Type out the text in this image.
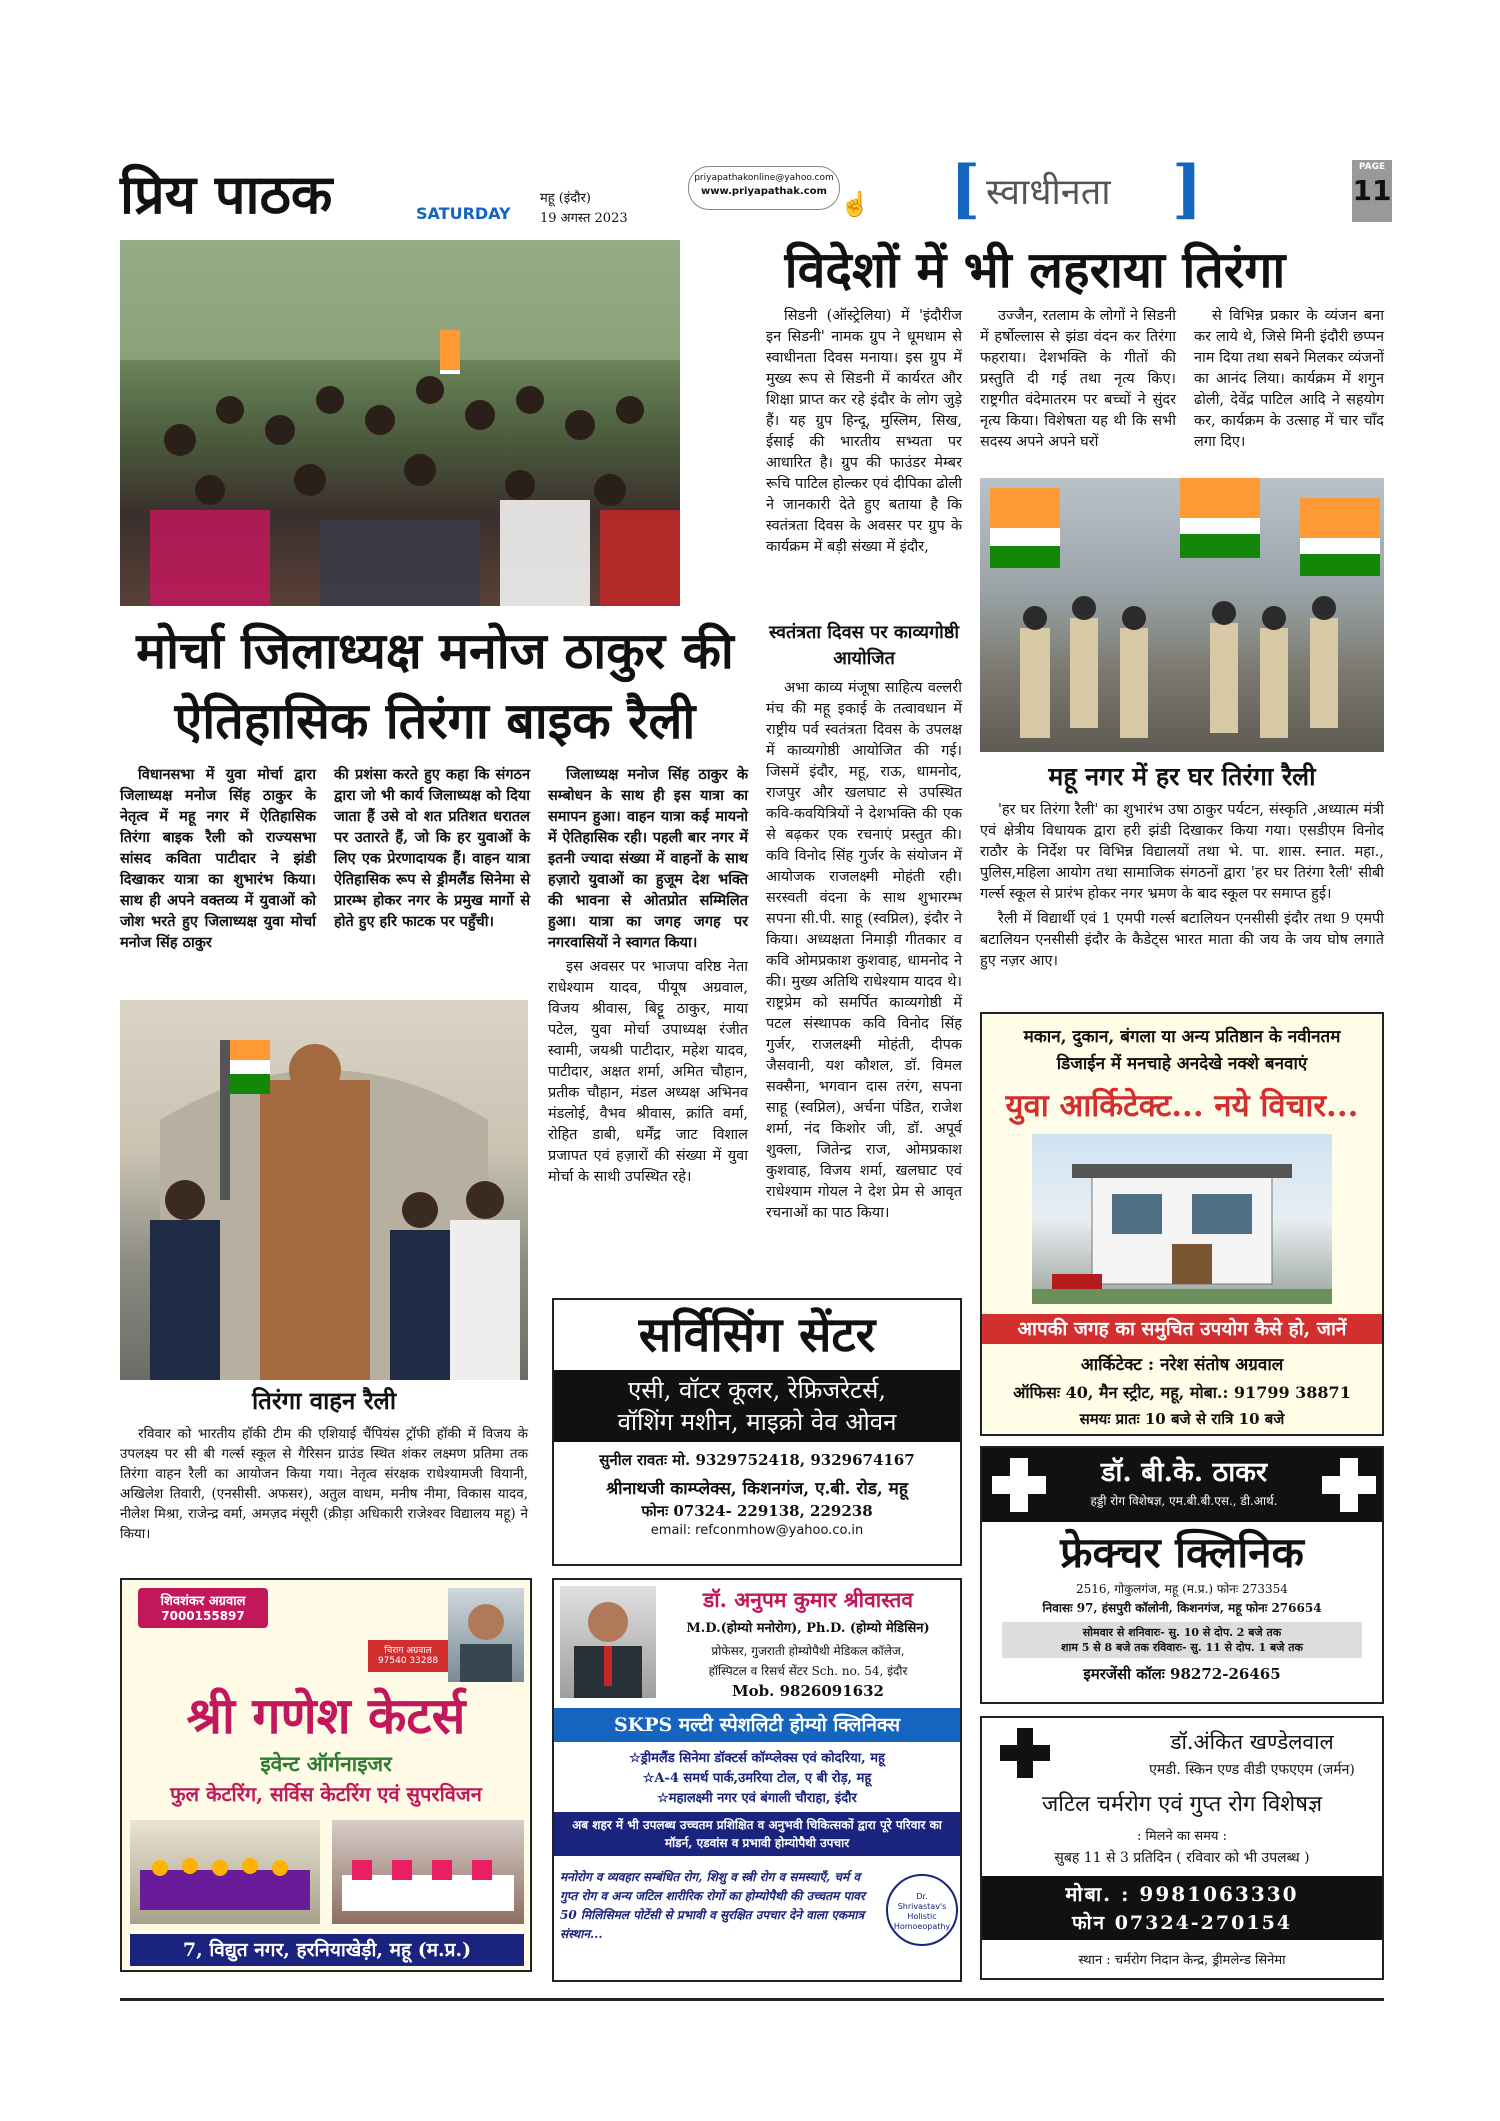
प्रिय पाठक	SATURDAY
महू (इंदौर)
19 अगस्त 2023
priyapathakonline@yahoo.com
www.priyapathak.com ☝ [ स्वाधीनता ]	PAGE
11
विदेशों में भी लहराया तिरंगा

सिडनी (ऑस्ट्रेलिया) में 'इंदौरीज इन सिडनी' नामक ग्रुप ने धूमधाम से स्वाधीनता दिवस मनाया। इस ग्रुप में मुख्य रूप से सिडनी में कार्यरत और शिक्षा प्राप्त कर रहे इंदौर के लोग जुड़े हैं। यह ग्रुप हिन्दू, मुस्लिम, सिख, ईसाई की भारतीय सभ्यता पर आधारित है। ग्रुप की फाउंडर मेम्बर रूचि पाटिल होल्कर एवं दीपिका ढोली ने जानकारी देते हुए बताया है कि स्वतंत्रता दिवस के अवसर पर ग्रुप के कार्यक्रम में बड़ी संख्या में इंदौर,

उज्जैन, रतलाम के लोगों ने सिडनी में हर्षोल्लास से झंडा वंदन कर तिरंगा फहराया। देशभक्ति के गीतों की प्रस्तुति दी गई तथा नृत्य किए। राष्ट्रगीत वंदेमातरम पर बच्चों ने सुंदर नृत्य किया। विशेषता यह थी कि सभी सदस्य अपने अपने घरों

से विभिन्न प्रकार के व्यंजन बना कर लाये थे, जिसे मिनी इंदौरी छप्पन नाम दिया तथा सबने मिलकर व्यंजनों का आनंद लिया। कार्यक्रम में शगुन ढोली, देवेंद्र पाटिल आदि ने सहयोग कर, कार्यक्रम के उत्साह में चार चाँद लगा दिए।

स्वतंत्रता दिवस पर काव्यगोष्ठी आयोजित

अभा काव्य मंजूषा साहित्य वल्लरी मंच की महू इकाई के तत्वावधान में राष्ट्रीय पर्व स्वतंत्रता दिवस के उपलक्ष में काव्यगोष्ठी आयोजित की गई। जिसमें इंदौर, महू, राऊ, धामनोद, राजपुर और खलघाट से उपस्थित कवि-कवयित्रियों ने देशभक्ति की एक से बढ़कर एक रचनाएं प्रस्तुत की। कवि विनोद सिंह गुर्जर के संयोजन में आयोजक राजलक्ष्मी मोहंती रही। सरस्वती वंदना के साथ शुभारम्भ सपना सी.पी. साहू (स्वप्निल), इंदौर ने किया। अध्यक्षता निमाड़ी गीतकार व कवि ओमप्रकाश कुशवाह, धामनोद ने की। मुख्य अतिथि राधेश्याम यादव थे। राष्ट्रप्रेम को समर्पित काव्यगोष्ठी में पटल संस्थापक कवि विनोद सिंह गुर्जर, राजलक्ष्मी मोहंती, दीपक जैसवानी, यश कौशल, डॉ. विमल सक्सैना, भगवान दास तरंग, सपना साहू (स्वप्निल), अर्चना पंडित, राजेश शर्मा, नंद किशोर जी, डॉ. अपूर्व शुक्ला, जितेन्द्र राज, ओमप्रकाश कुशवाह, विजय शर्मा, खलघाट एवं राधेश्याम गोयल ने देश प्रेम से आवृत रचनाओं का पाठ किया।

महू नगर में हर घर तिरंगा रैली

'हर घर तिरंगा रैली' का शुभारंभ उषा ठाकुर पर्यटन, संस्कृति ,अध्यात्म मंत्री एवं क्षेत्रीय विधायक द्वारा हरी झंडी दिखाकर किया गया। एसडीएम विनोद राठौर के निर्देश पर विभिन्न विद्यालयों तथा भे. पा. शास. स्नात. महा., पुलिस,महिला आयोग तथा सामाजिक संगठनों द्वारा 'हर घर तिरंगा रैली' सीबी गर्ल्स स्कूल से प्रारंभ होकर नगर भ्रमण के बाद स्कूल पर समाप्त हुई।

रैली में विद्यार्थी एवं 1 एमपी गर्ल्स बटालियन एनसीसी इंदौर तथा 9 एमपी बटालियन एनसीसी इंदौर के कैडेट्स भारत माता की जय के जय घोष लगाते हुए नज़र आए।

मोर्चा जिलाध्यक्ष मनोज ठाकुर की
ऐतिहासिक तिरंगा बाइक रैली

विधानसभा में युवा मोर्चा द्वारा जिलाध्यक्ष मनोज सिंह ठाकुर के नेतृत्व में महू नगर में ऐतिहासिक तिरंगा बाइक रैली को राज्यसभा सांसद कविता पाटीदार ने झंडी दिखाकर यात्रा का शुभारंभ किया। साथ ही अपने वक्तव्य में युवाओं को जोश भरते हुए जिलाध्यक्ष युवा मोर्चा मनोज सिंह ठाकुर

की प्रशंसा करते हुए कहा कि संगठन द्वारा जो भी कार्य जिलाध्यक्ष को दिया जाता हैं उसे वो शत प्रतिशत धरातल पर उतारते हैं, जो कि हर युवाओं के लिए एक प्रेरणादायक हैं। वाहन यात्रा ऐतिहासिक रूप से ड्रीमलैंड सिनेमा से प्रारम्भ होकर नगर के प्रमुख मार्गो से होते हुए हरि फाटक पर पहुँची।

जिलाध्यक्ष मनोज सिंह ठाकुर के सम्बोधन के साथ ही इस यात्रा का समापन हुआ। वाहन यात्रा कई मायनो में ऐतिहासिक रही। पहली बार नगर में इतनी ज्यादा संख्या में वाहनों के साथ हज़ारो युवाओं का हुजूम देश भक्ति की भावना से ओतप्रोत सम्मिलित हुआ। यात्रा का जगह जगह पर नगरवासियों ने स्वागत किया।

इस अवसर पर भाजपा वरिष्ठ नेता राधेश्याम यादव, पीयूष अग्रवाल, विजय श्रीवास, बिट्टू ठाकुर, माया पटेल, युवा मोर्चा उपाध्यक्ष रंजीत स्वामी, जयश्री पाटीदार, महेश यादव, पाटीदार, अक्षत शर्मा, अमित चौहान, प्रतीक चौहान, मंडल अध्यक्ष अभिनव मंडलोई, वैभव श्रीवास, क्रांति वर्मा, रोहित डाबी, धर्मेंद्र जाट विशाल प्रजापत एवं हज़ारों की संख्या में युवा मोर्चा के साथी उपस्थित रहे।

तिरंगा वाहन रैली

रविवार को भारतीय हॉकी टीम की एशियाई चैंपियंस ट्रॉफी हॉकी में विजय के उपलक्ष्य पर सी बी गर्ल्स स्कूल से गैरिसन ग्राउंड स्थित शंकर लक्ष्मण प्रतिमा तक तिरंगा वाहन रैली का आयोजन किया गया। नेतृत्व संरक्षक राधेश्यामजी वियानी, अखिलेश तिवारी, (एनसीसी. अफसर), अतुल वाधम, मनीष नीमा, विकास यादव, नीलेश मिश्रा, राजेन्द्र वर्मा, अमज़द मंसूरी (क्रीड़ा अधिकारी राजेश्वर विद्यालय महू) ने किया।

सर्विसिंग सेंटर
एसी, वॉटर कूलर, रेफ्रिजरेटर्स,
वॉशिंग मशीन, माइक्रो वेव ओवन
सुनील रावतः मो. 9329752418, 9329674167
श्रीनाथजी काम्प्लेक्स, किशनगंज, ए.बी. रोड, महू
फोनः 07324- 229138, 229238
email: refconmhow@yahoo.co.in
मकान, दुकान, बंगला या अन्य प्रतिष्ठान के नवीनतम
डिजाईन में मनचाहे अनदेखे नक्शे बनवाएं
युवा आर्किटेक्ट... नये विचार...
आपकी जगह का समुचित उपयोग कैसे हो, जानें
आर्किटेक्ट : नरेश संतोष अग्रवाल
ऑफिसः 40, मैन स्ट्रीट, महू, मोबा.: 91799 38871
समयः प्रातः 10 बजे से रात्रि 10 बजे
डॉ. बी.के. ठाकर
हड्डी रोग विशेषज्ञ, एम.बी.बी.एस., डी.आर्थ.
फ्रेक्चर क्लिनिक
2516, गोकुलगंज, महू (म.प्र.) फोनः 273354
निवासः 97, हंसपुरी कॉलोनी, किशनगंज, महू फोनः 276654
सोमवार से शनिवारः- सु. 10 से दोप. 2 बजे तक
शाम 5 से 8 बजे तक रविवारः- सु. 11 से दोप. 1 बजे तक
इमरजेंसी कॉलः 98272-26465
डॉ.अंकित खण्डेलवाल
एमडी. स्किन एण्ड वीडी एफएएम (जर्मन)
जटिल चर्मरोग एवं गुप्त रोग विशेषज्ञ
: मिलने का समय :
सुबह 11 से 3 प्रतिदिन ( रविवार को भी उपलब्ध )
मोबा. : 9981063330
फोन 07324-270154
स्थान : चर्मरोग निदान केन्द्र, ड्रीमलेन्ड सिनेमा
शिवशंकर अग्रवाल
7000155897
चिराग अग्रवाल
97540 33288
श्री गणेश केटर्स
इवेन्ट ऑर्गनाइजर
फुल केटरिंग, सर्विस केटरिंग एवं सुपरविजन
7, विद्युत नगर, हरनियाखेड़ी, महू (म.प्र.)
डॉ. अनुपम कुमार श्रीवास्तव
M.D.(होम्यो मनोरोग), Ph.D. (होम्यो मेडिसिन)
प्रोफेसर, गुजराती होम्योपैथी मेडिकल कॉलेज,
हॉस्पिटल व रिसर्च सेंटर Sch. no. 54, इंदौर
Mob. 9826091632
SKPS मल्टी स्पेशलिटी होम्यो क्लिनिक्स
☆ड्रीमलैंड सिनेमा डॉक्टर्स कॉम्प्लेक्स एवं कोदरिया, महू
☆A-4 समर्थ पार्क,उमरिया टोल, ए बी रोड़, महू
☆महालक्ष्मी नगर एवं बंगाली चौराहा, इंदौर
अब शहर में भी उपलब्ध उच्चतम प्रशिक्षित व अनुभवी चिकित्सकों द्वारा पूरे परिवार का मॉडर्न, एडवांस व प्रभावी होम्योपैथी उपचार
मनोरोग व व्यवहार सम्बंधित रोग, शिशु व स्त्री रोग व समस्याएँ, चर्म व गुप्त रोग व अन्य जटिल शारीरिक रोगों का होम्योपैथी की उच्चतम पावर 50 मिलिसिमल पोटेंसी से प्रभावी व सुरक्षित उपचार देने वाला एकमात्र संस्थान...
Dr. Shrivastav's Holistic Homoeopathy
